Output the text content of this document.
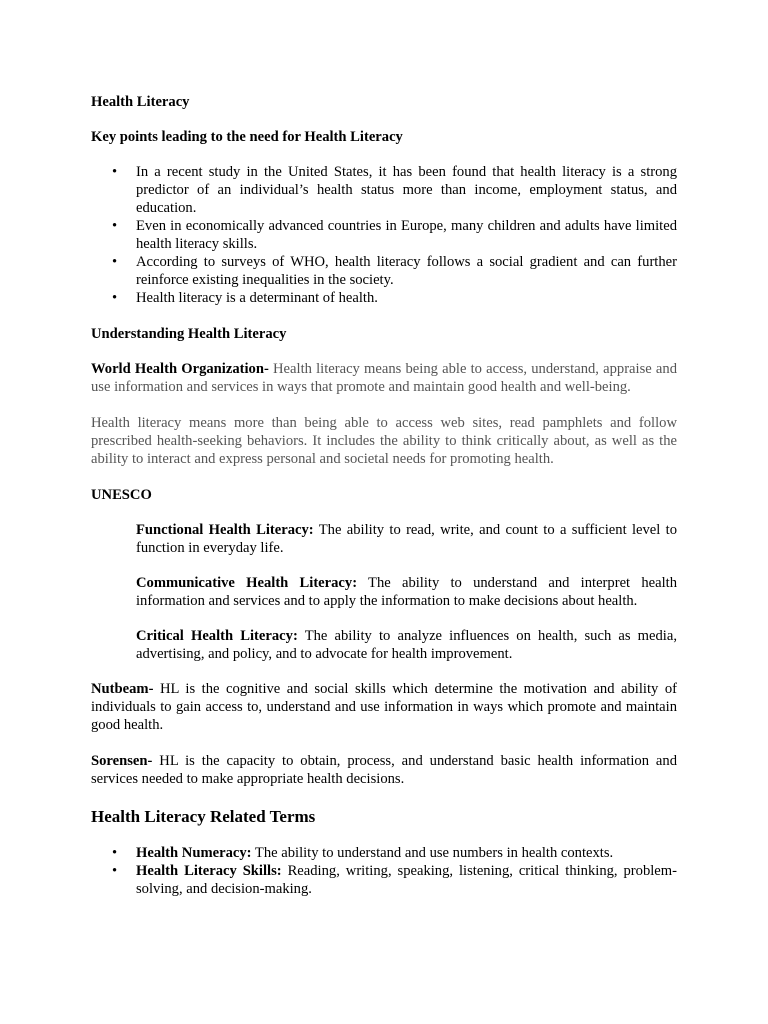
Health Literacy

Key points leading to the need for Health Literacy

• In a recent study in the United States, it has been found that health literacy is a strong predictor of an individual’s health status more than income, employment status, and education.
• Even in economically advanced countries in Europe, many children and adults have limited health literacy skills.
• According to surveys of WHO, health literacy follows a social gradient and can further reinforce existing inequalities in the society.
• Health literacy is a determinant of health.

Understanding Health Literacy

World Health Organization- Health literacy means being able to access, understand, appraise and use information and services in ways that promote and maintain good health and well-being.

Health literacy means more than being able to access web sites, read pamphlets and follow prescribed health-seeking behaviors. It includes the ability to think critically about, as well as the ability to interact and express personal and societal needs for promoting health.

UNESCO

Functional Health Literacy: The ability to read, write, and count to a sufficient level to function in everyday life.

Communicative Health Literacy: The ability to understand and interpret health information and services and to apply the information to make decisions about health.

Critical Health Literacy: The ability to analyze influences on health, such as media, advertising, and policy, and to advocate for health improvement.

Nutbeam- HL is the cognitive and social skills which determine the motivation and ability of individuals to gain access to, understand and use information in ways which promote and maintain good health.

Sorensen- HL is the capacity to obtain, process, and understand basic health information and services needed to make appropriate health decisions.

Health Literacy Related Terms

• Health Numeracy: The ability to understand and use numbers in health contexts.
• Health Literacy Skills: Reading, writing, speaking, listening, critical thinking, problem-solving, and decision-making.
